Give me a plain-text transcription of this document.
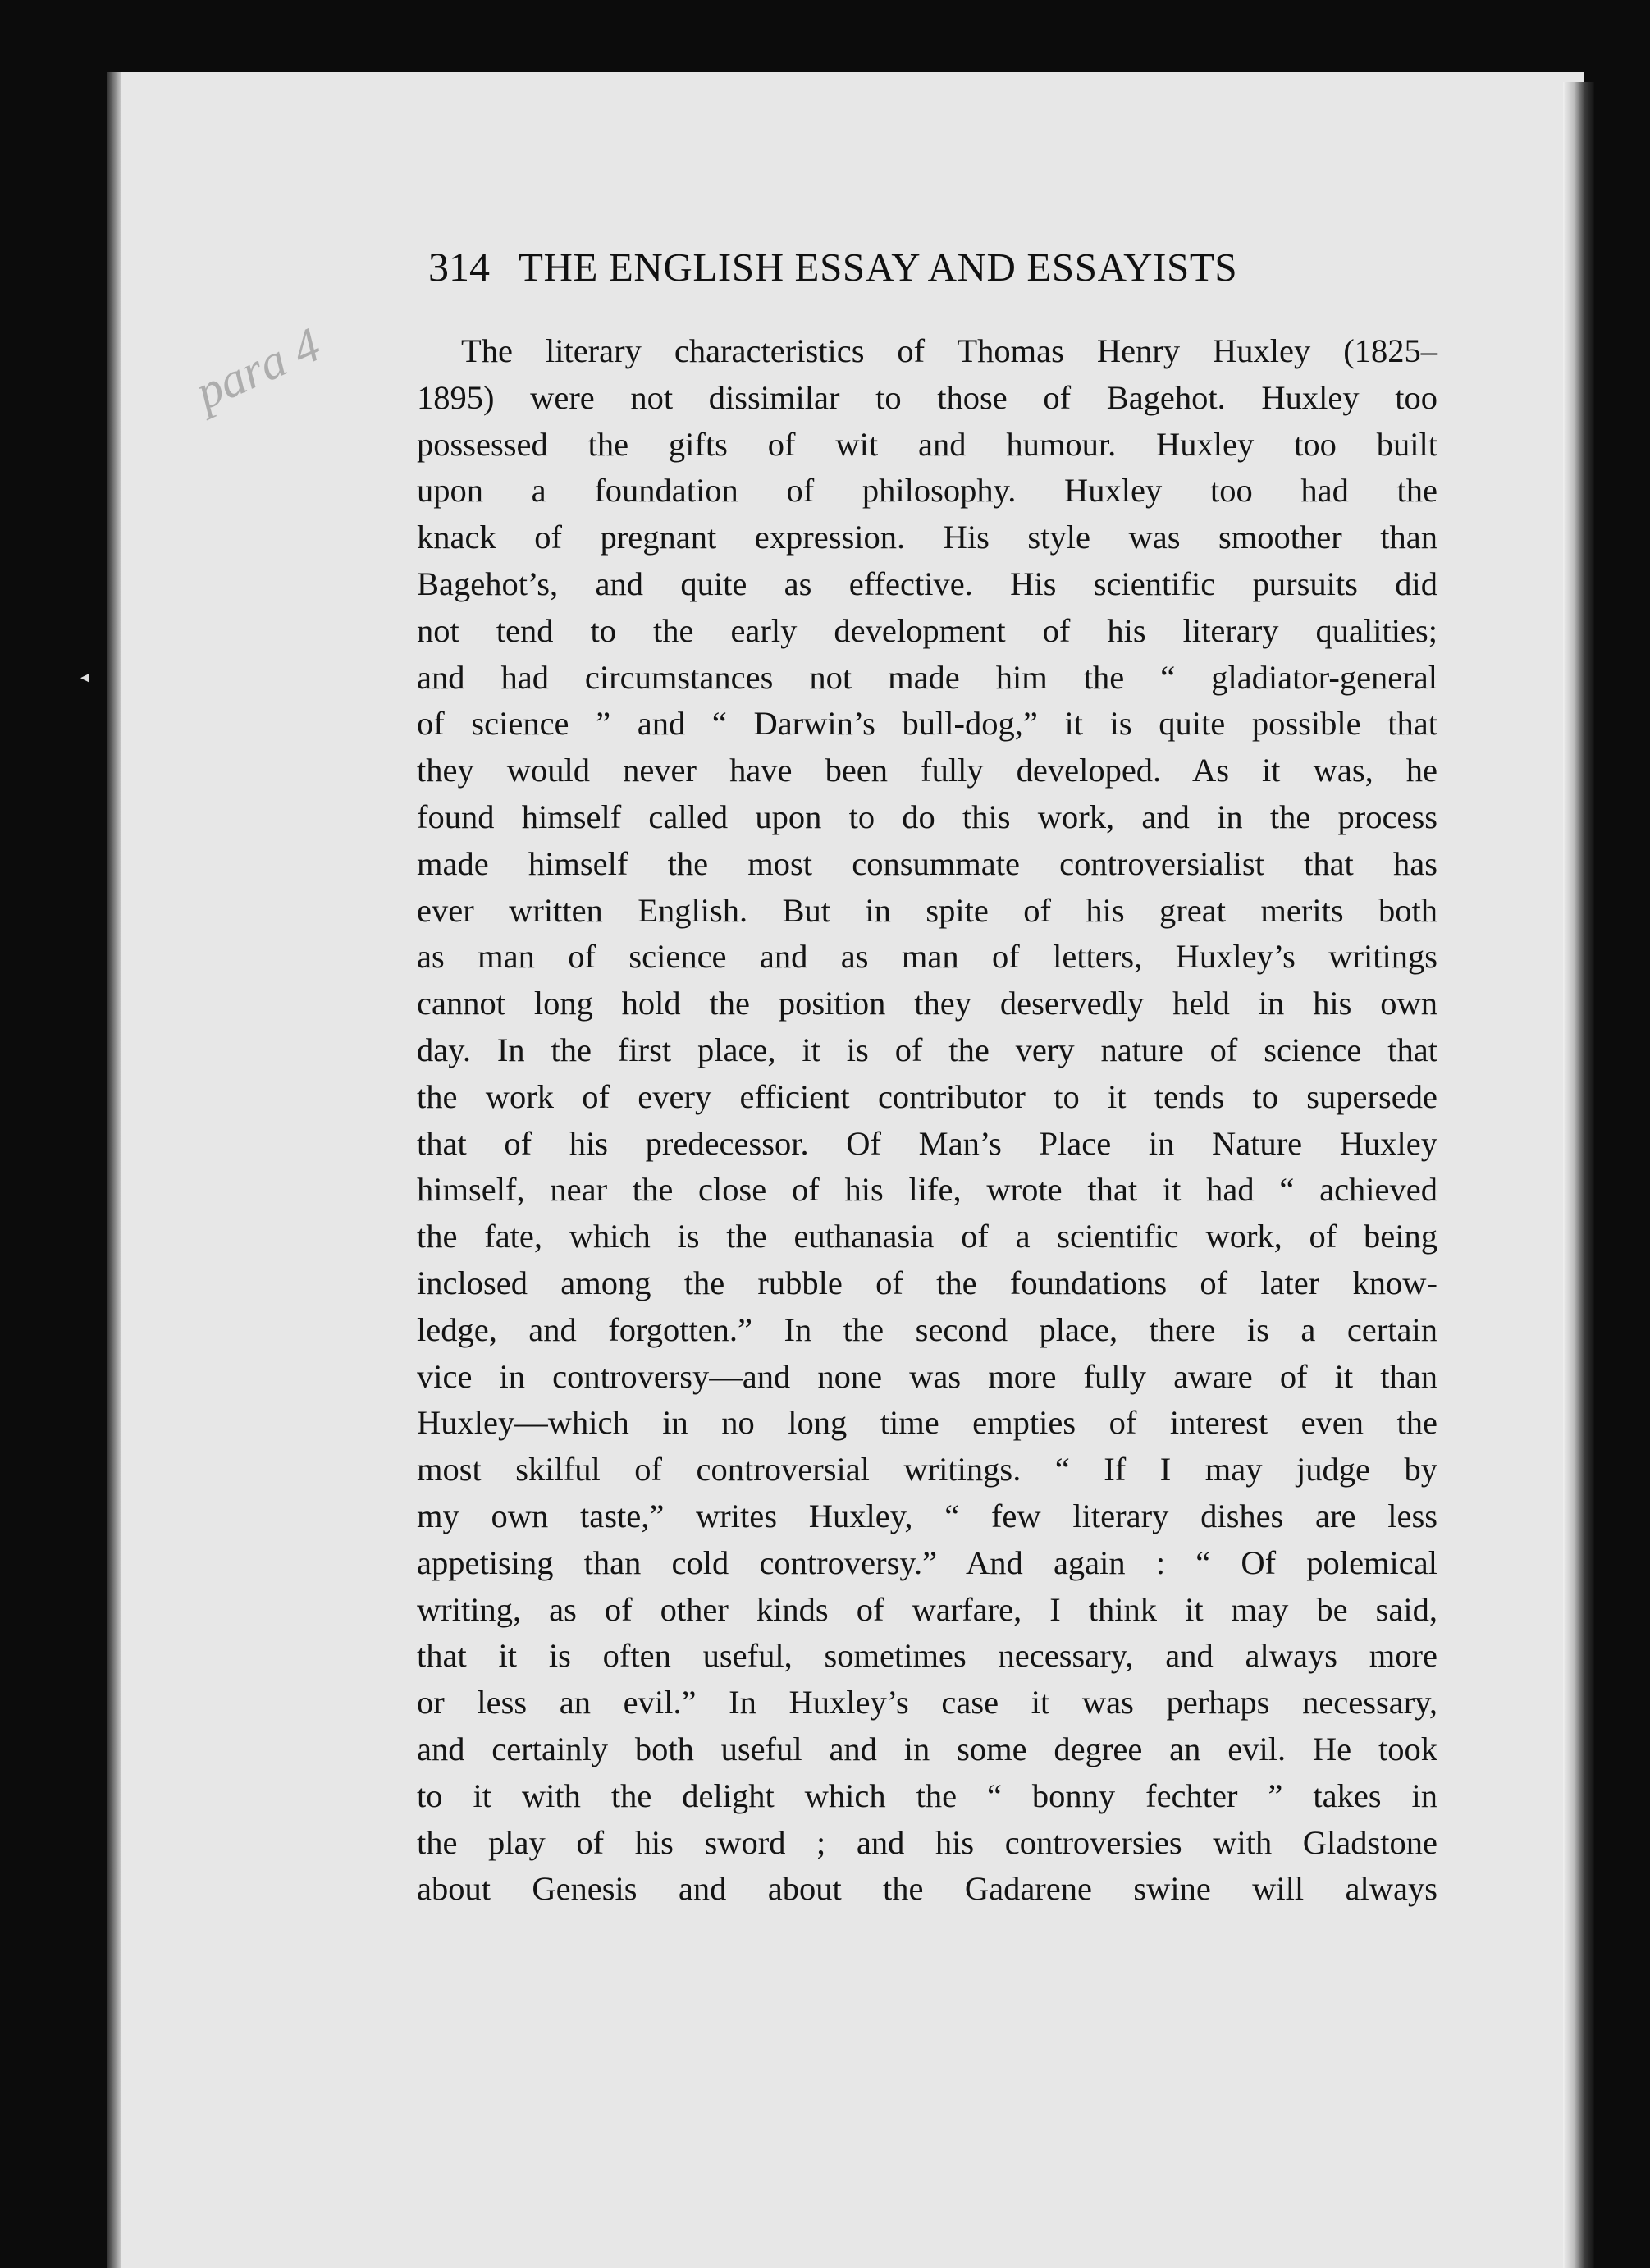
◂
para 4
314 THE ENGLISH ESSAY AND ESSAYISTS
The literary characteristics of Thomas Henry Huxley (1825–
1895) were not dissimilar to those of Bagehot. Huxley too
possessed the gifts of wit and humour. Huxley too built
upon a foundation of philosophy. Huxley too had the
knack of pregnant expression. His style was smoother than
Bagehot’s, and quite as effective. His scientific pursuits did
not tend to the early development of his literary qualities;
and had circumstances not made him the “ gladiator-general
of science ” and “ Darwin’s bull-dog,” it is quite possible that
they would never have been fully developed. As it was, he
found himself called upon to do this work, and in the process
made himself the most consummate controversialist that has
ever written English. But in spite of his great merits both
as man of science and as man of letters, Huxley’s writings
cannot long hold the position they deservedly held in his own
day. In the first place, it is of the very nature of science that
the work of every efficient contributor to it tends to supersede
that of his predecessor. Of Man’s Place in Nature Huxley
himself, near the close of his life, wrote that it had “ achieved
the fate, which is the euthanasia of a scientific work, of being
inclosed among the rubble of the foundations of later know-
ledge, and forgotten.” In the second place, there is a certain
vice in controversy—and none was more fully aware of it than
Huxley—which in no long time empties of interest even the
most skilful of controversial writings. “ If I may judge by
my own taste,” writes Huxley, “ few literary dishes are less
appetising than cold controversy.” And again : “ Of polemical
writing, as of other kinds of warfare, I think it may be said,
that it is often useful, sometimes necessary, and always more
or less an evil.” In Huxley’s case it was perhaps necessary,
and certainly both useful and in some degree an evil. He took
to it with the delight which the “ bonny fechter ” takes in
the play of his sword ; and his controversies with Gladstone
about Genesis and about the Gadarene swine will always
